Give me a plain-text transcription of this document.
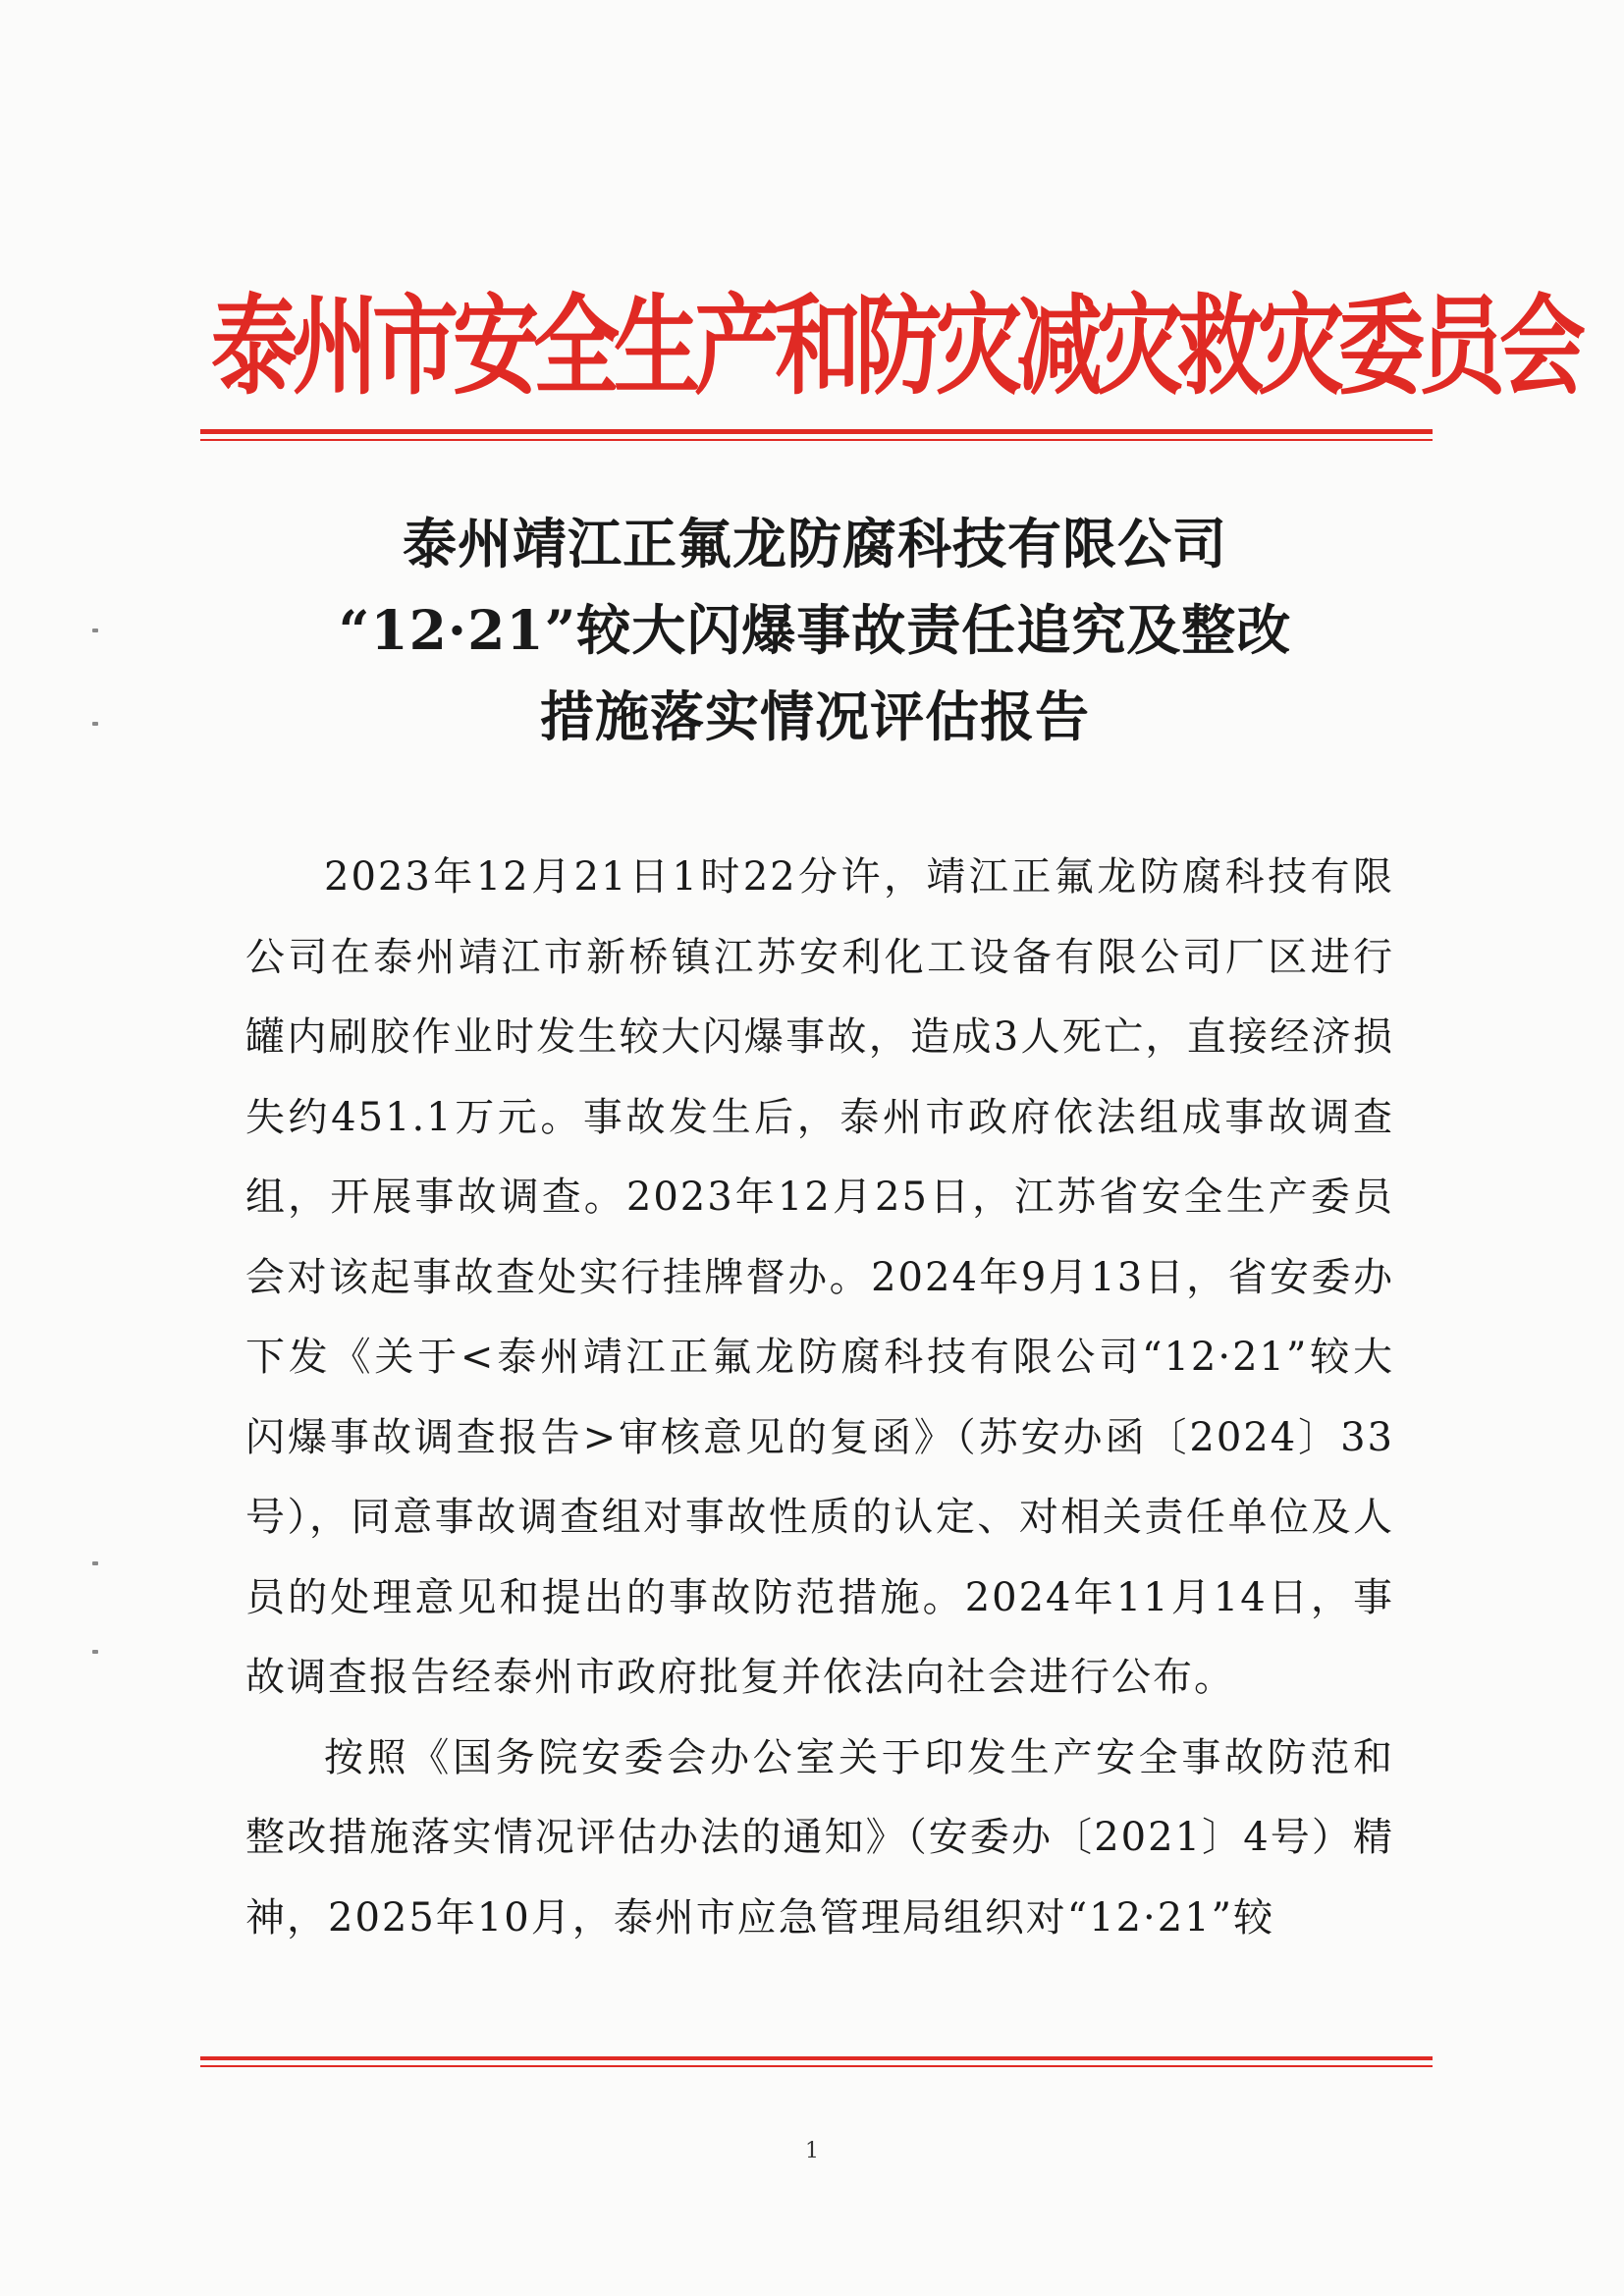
泰州市安全生产和防灾减灾救灾委员会
泰州靖江正氟龙防腐科技有限公司
“12·21”较大闪爆事故责任追究及整改
措施落实情况评估报告

2023年12月21日1时22分许，靖江正氟龙防腐科技有限公司在泰州靖江市新桥镇江苏安利化工设备有限公司厂区进行罐内刷胶作业时发生较大闪爆事故，造成3人死亡，直接经济损失约451.1万元。事故发生后，泰州市政府依法组成事故调查组，开展事故调查。2023年12月25日，江苏省安全生产委员会对该起事故查处实行挂牌督办。2024年9月13日，省安委办下发《关于<泰州靖江正氟龙防腐科技有限公司“12·21”较大闪爆事故调查报告>审核意见的复函》（苏安办函〔2024〕33号），同意事故调查组对事故性质的认定、对相关责任单位及人员的处理意见和提出的事故防范措施。2024年11月14日，事故调查报告经泰州市政府批复并依法向社会进行公布。

按照《国务院安委会办公室关于印发生产安全事故防范和整改措施落实情况评估办法的通知》（安委办〔2021〕4号）精神，2025年10月，泰州市应急管理局组织对“12·21”较

1
